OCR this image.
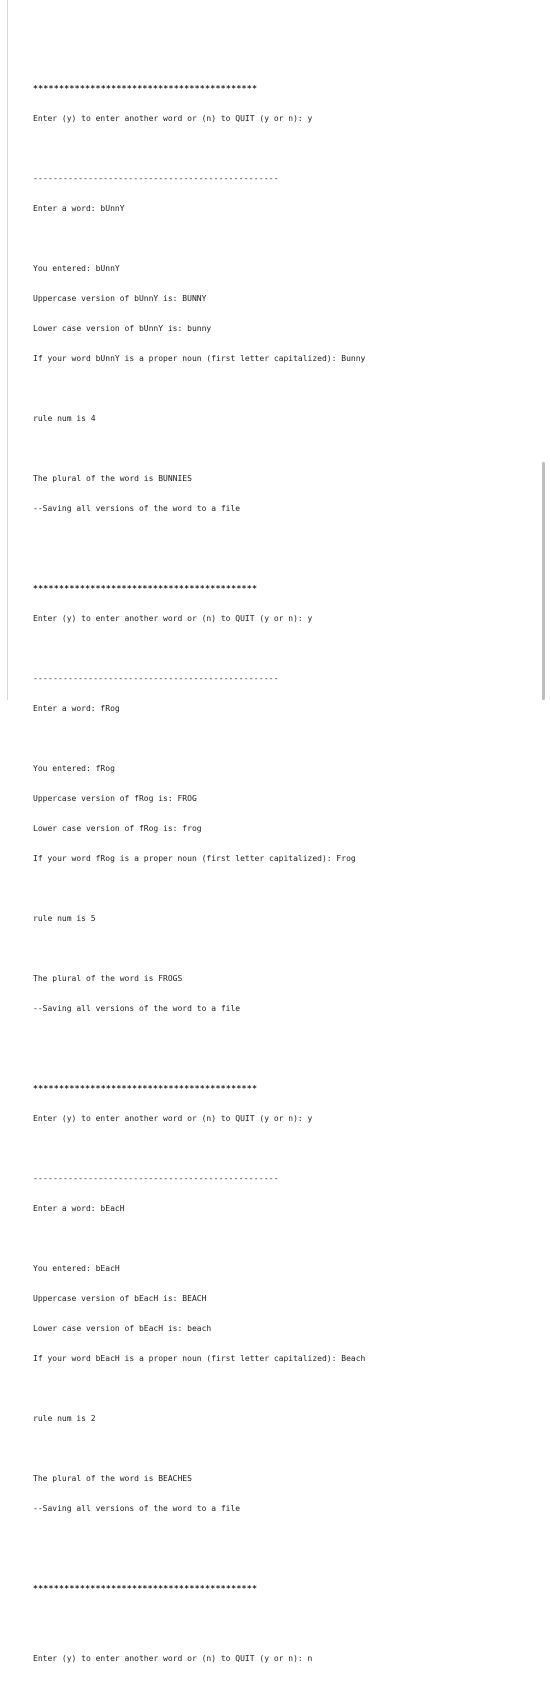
*******************************************

Enter (y) to enter another word or (n) to QUIT (y or n): y

-------------------------------------------------

Enter a word: bUnnY

You entered: bUnnY

Uppercase version of bUnnY is: BUNNY

Lower case version of bUnnY is: bunny

If your word bUnnY is a proper noun (first letter capitalized): Bunny

rule num is 4

The plural of the word is BUNNIES

--Saving all versions of the word to a file

*******************************************

Enter (y) to enter another word or (n) to QUIT (y or n): y

-------------------------------------------------

Enter a word: fRog

You entered: fRog

Uppercase version of fRog is: FROG

Lower case version of fRog is: frog

If your word fRog is a proper noun (first letter capitalized): Frog

rule num is 5

The plural of the word is FROGS

--Saving all versions of the word to a file

*******************************************

Enter (y) to enter another word or (n) to QUIT (y or n): y

-------------------------------------------------

Enter a word: bEacH

You entered: bEacH

Uppercase version of bEacH is: BEACH

Lower case version of bEacH is: beach

If your word bEacH is a proper noun (first letter capitalized): Beach

rule num is 2

The plural of the word is BEACHES

--Saving all versions of the word to a file

*******************************************

Enter (y) to enter another word or (n) to QUIT (y or n): n
